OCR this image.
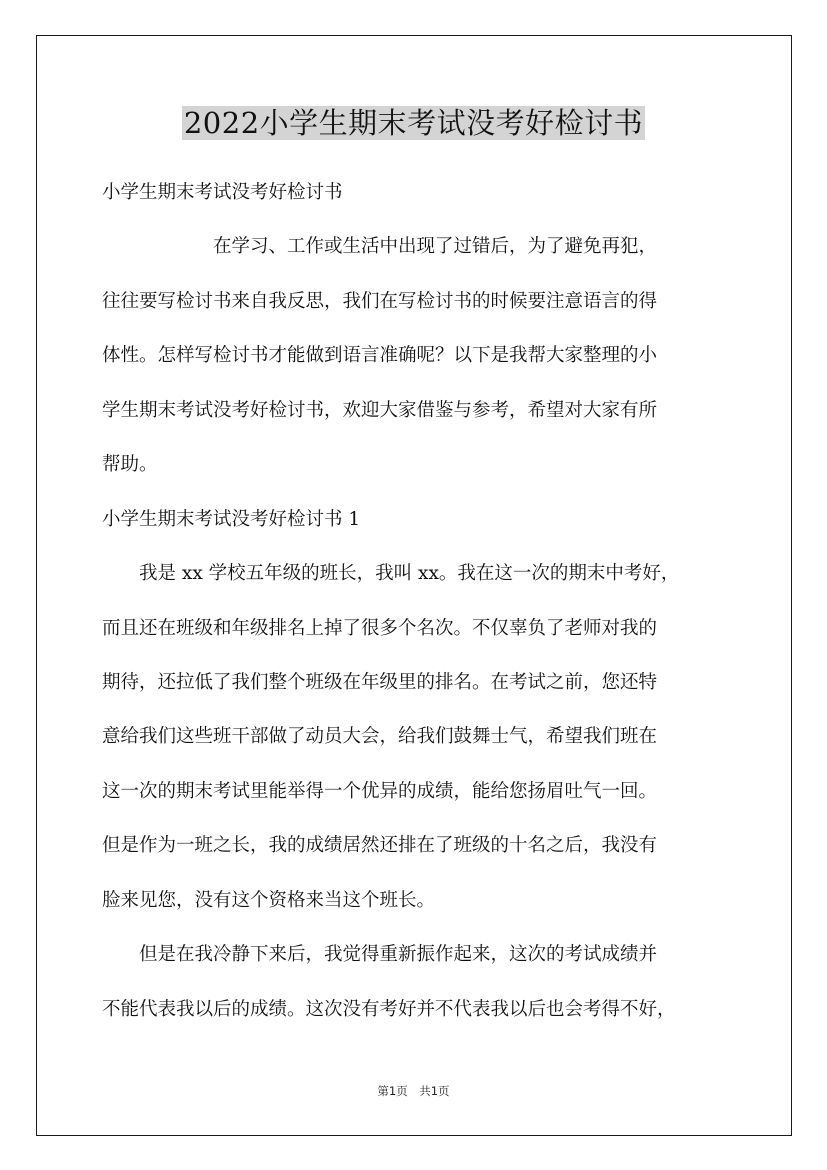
2022小学生期末考试没考好检讨书
小学生期末考试没考好检讨书
　　　　　　在学习、工作或生活中出现了过错后，为了避免再犯，
往往要写检讨书来自我反思，我们在写检讨书的时候要注意语言的得
体性。怎样写检讨书才能做到语言准确呢？以下是我帮大家整理的小
学生期末考试没考好检讨书，欢迎大家借鉴与参考，希望对大家有所
帮助。
小学生期末考试没考好检讨书 1
　　我是 xx 学校五年级的班长，我叫 xx。我在这一次的期末中考好，
而且还在班级和年级排名上掉了很多个名次。不仅辜负了老师对我的
期待，还拉低了我们整个班级在年级里的排名。在考试之前，您还特
意给我们这些班干部做了动员大会，给我们鼓舞士气，希望我们班在
这一次的期末考试里能举得一个优异的成绩，能给您扬眉吐气一回。
但是作为一班之长，我的成绩居然还排在了班级的十名之后，我没有
脸来见您，没有这个资格来当这个班长。
　　但是在我冷静下来后，我觉得重新振作起来，这次的考试成绩并
不能代表我以后的成绩。这次没有考好并不代表我以后也会考得不好，
第1页　共1页
